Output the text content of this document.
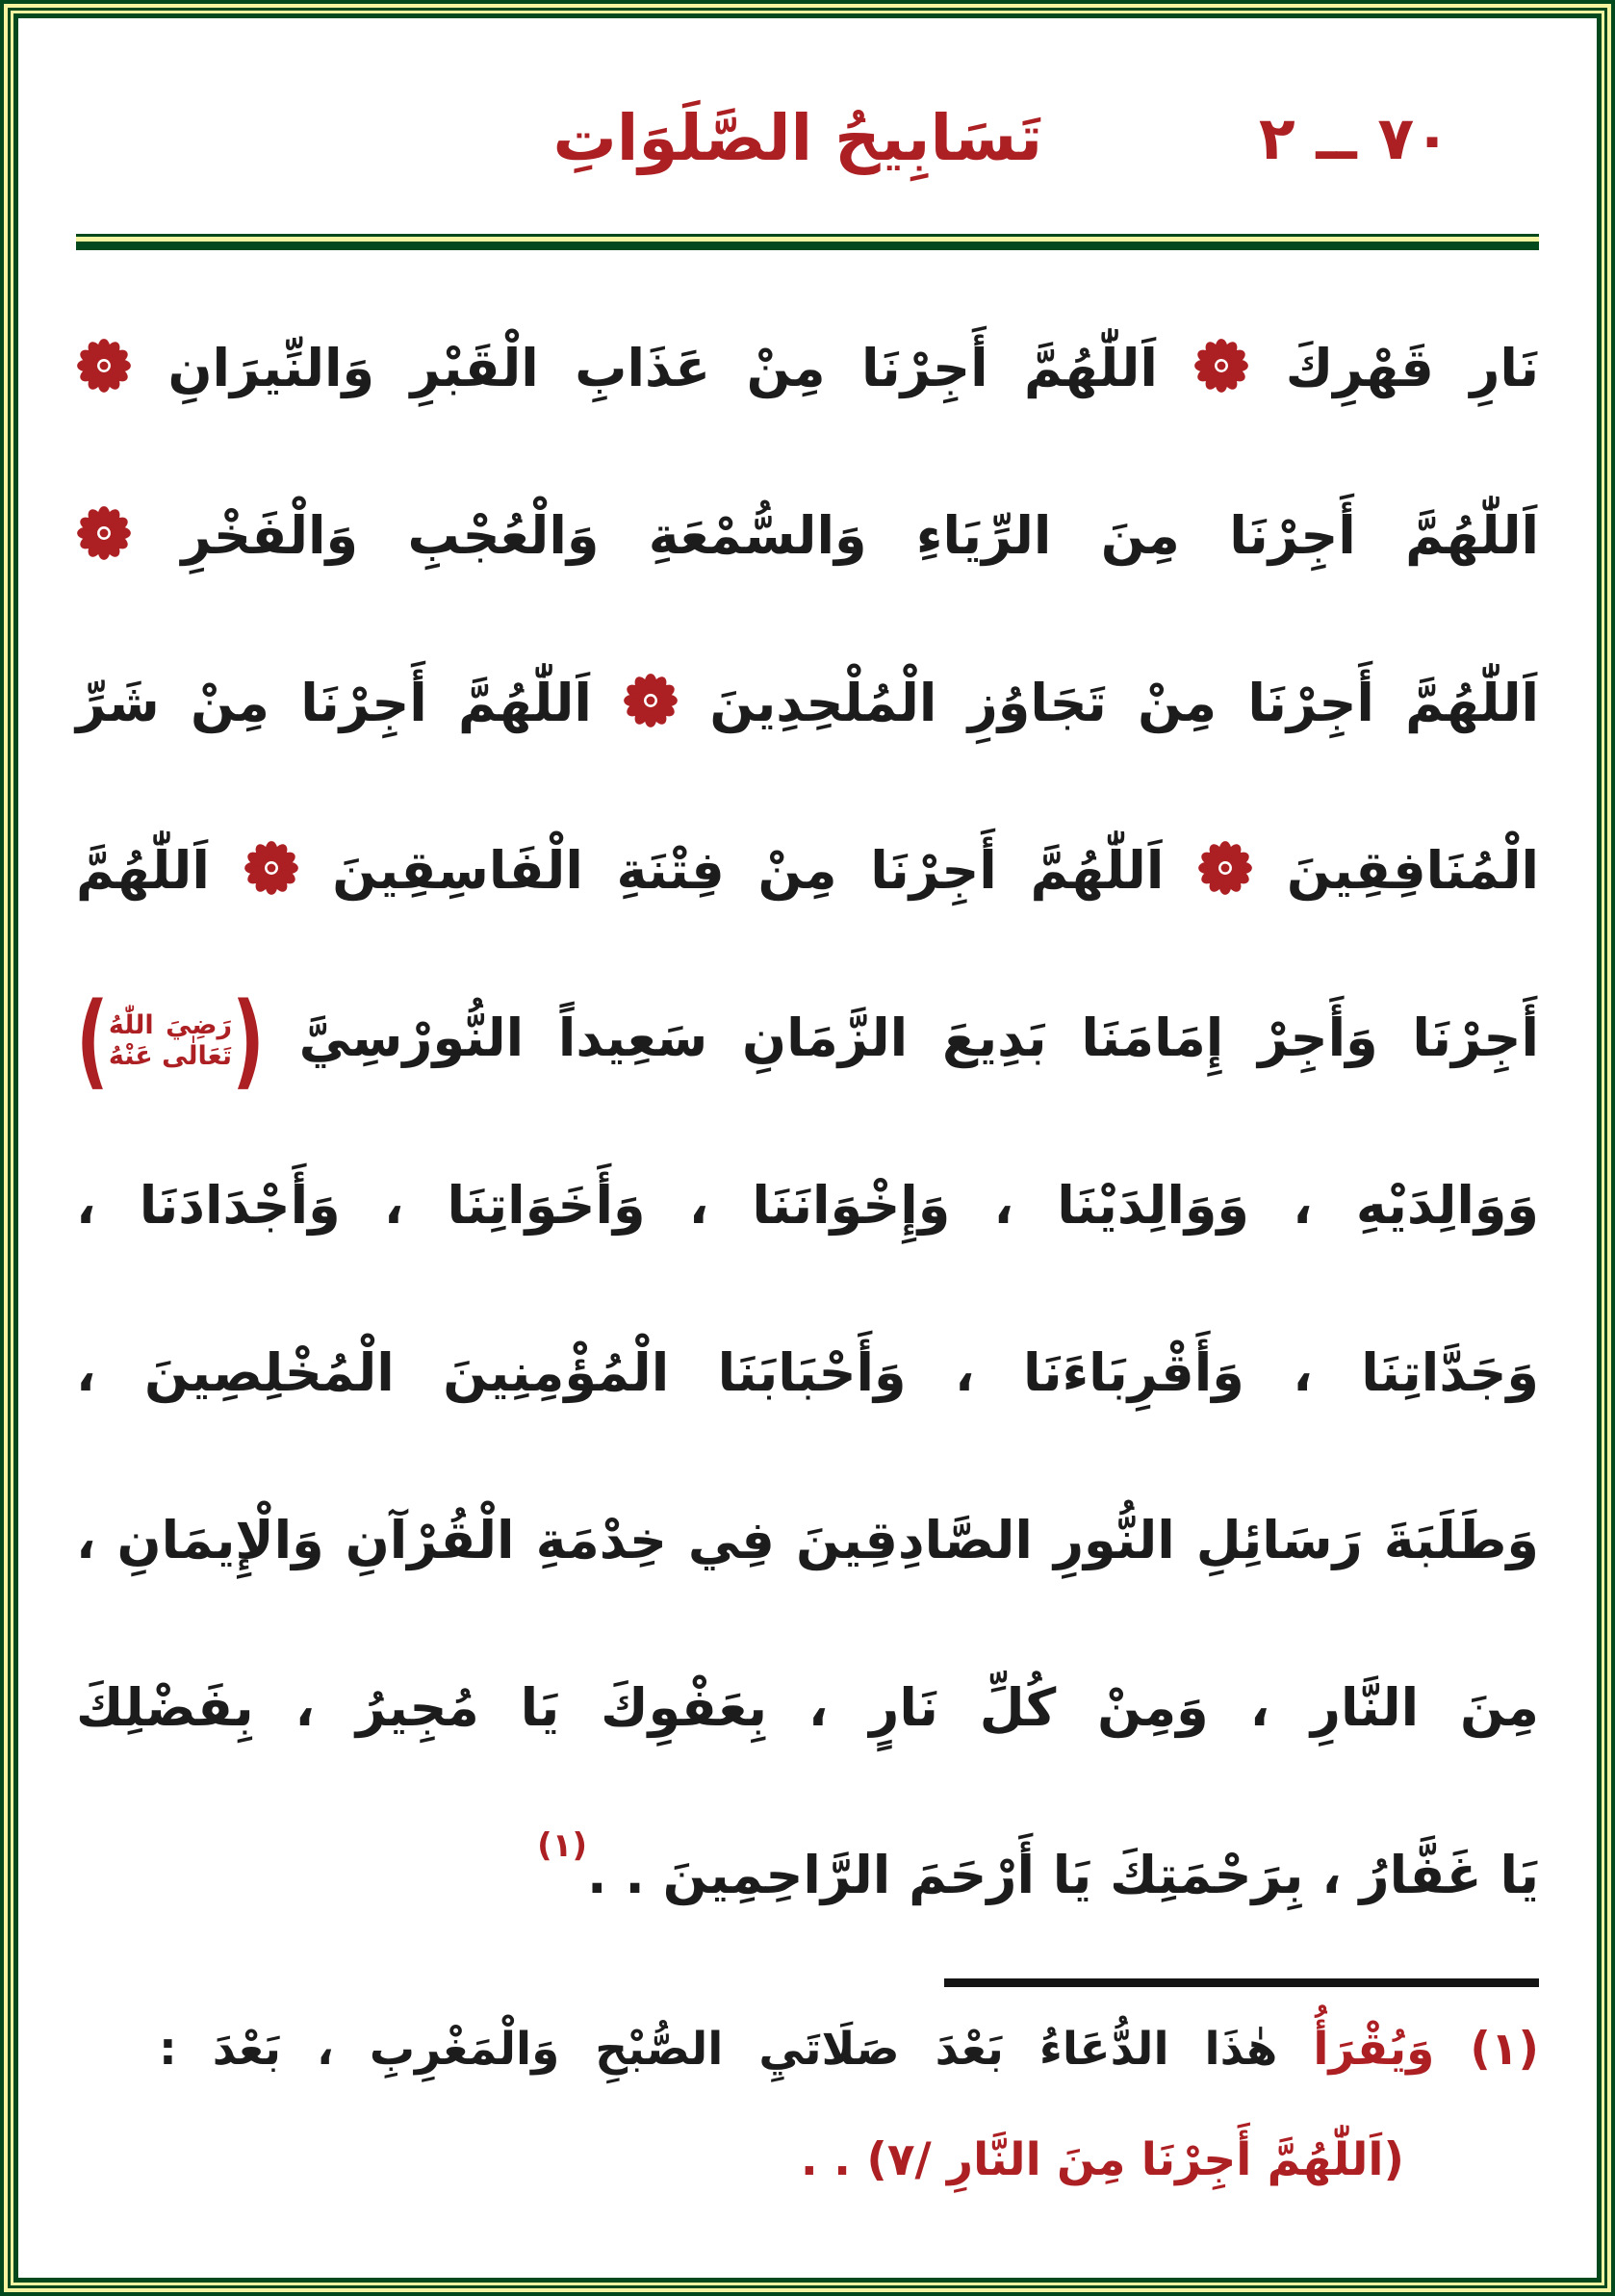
تَسَابِيحُ الصَّلَوَاتِ	٧٠ ــ ٢
نَارِ قَهْرِكَ  اَللّٰهُمَّ أَجِرْنَا مِنْ عَذَابِ الْقَبْرِ وَالنِّيرَانِ
اَللّٰهُمَّ أَجِرْنَا مِنَ الرِّيَاءِ وَالسُّمْعَةِ وَالْعُجْبِ وَالْفَخْرِ
اَللّٰهُمَّ أَجِرْنَا مِنْ تَجَاوُزِ الْمُلْحِدِينَ  اَللّٰهُمَّ أَجِرْنَا مِنْ شَرِّ
الْمُنَافِقِينَ  اَللّٰهُمَّ أَجِرْنَا مِنْ فِتْنَةِ الْفَاسِقِينَ  اَللّٰهُمَّ
أَجِرْنَا وَأَجِرْ إِمَامَنَا بَدِيعَ الزَّمَانِ سَعِيداً النُّورْسِيَّ
(
رَضِيَ اللّٰهُ
تَعَالٰى عَنْهُ
)
وَوَالِدَيْهِ ، وَوَالِدَيْنَا ، وَإِخْوَانَنَا ، وَأَخَوَاتِنَا ، وَأَجْدَادَنَا ،
وَجَدَّاتِنَا ، وَأَقْرِبَاءَنَا ، وَأَحْبَابَنَا الْمُؤْمِنِينَ الْمُخْلِصِينَ ،
وَطَلَبَةَ رَسَائِلِ النُّورِ الصَّادِقِينَ فِي خِدْمَةِ الْقُرْآنِ وَالْإِيمَانِ ،
مِنَ النَّارِ ، وَمِنْ كُلِّ نَارٍ ، بِعَفْوِكَ يَا مُجِيرُ ، بِفَضْلِكَ
يَا غَفَّارُ ، بِرَحْمَتِكَ يَا أَرْحَمَ الرَّاحِمِينَ . .$^{(١)}$
(١) وَيُقْرَأُ هٰذَا الدُّعَاءُ بَعْدَ صَلَاتَيِ الصُّبْحِ وَالْمَغْرِبِ ، بَعْدَ :
(اَللّٰهُمَّ أَجِرْنَا مِنَ النَّارِ /٧) . .
